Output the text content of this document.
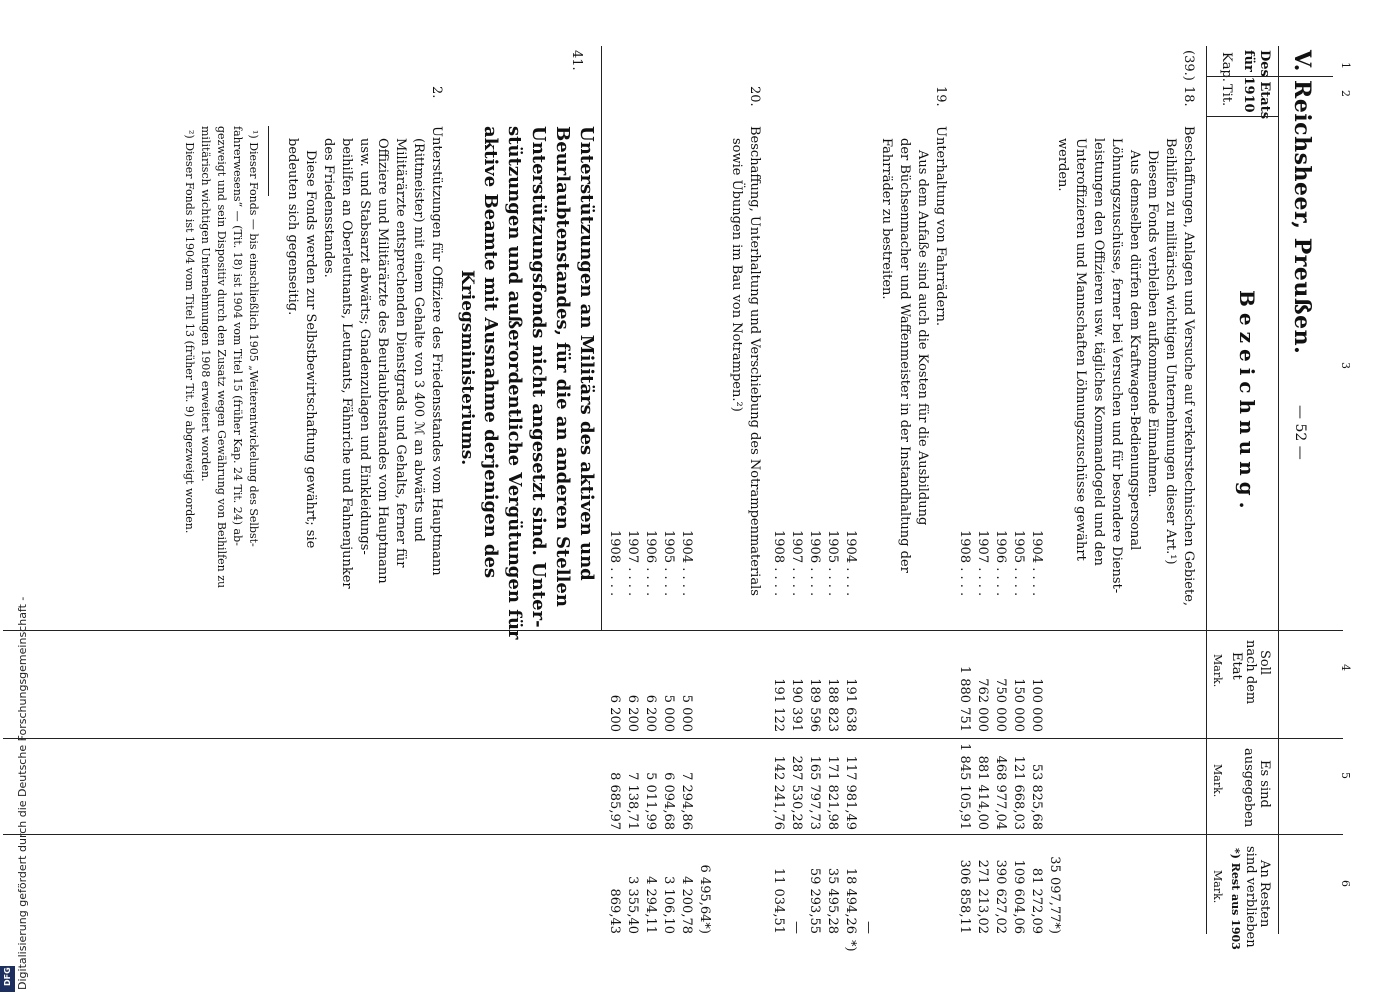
Digitalisierung gefördert durch die Deutsche Forschungsgemeinschaft -
DFG
1
2
3
4
5
6
V. Reichsheer, Preußen.
— 52 —
Des Etats
für 1910
Kap.
Tit.
Bezeichnung.
Soll
nach dem
Etat
Mark.
Es sind
ausgegeben
Mark.
An Resten
sind verblieben
*) Rest aus 1903
Mark.
(39.)
18.
Beschaffungen, Anlagen und Versuche auf verkehrstechnischen Gebiete,
Beihilfen zu militärisch wichtigen Unternehmungen dieser Art.¹)
Diesem Fonds verbleiben aufkommende Einnahmen.
Aus demselben dürfen dem Kraftwagen-Bedienungspersonal
Löhnungszuschüsse, ferner bei Versuchen und für besondere Dienst-
leistungen den Offizieren usw. tägliches Kommandogeld und den
Unteroffizieren und Mannschaften Löhnungszuschüsse gewährt
werden.
1904 . . . .
1905 . . . .
1906 . . . .
1907 . . . .
1908 . . . .
100 000
150 000
750 000
762 000
1 880 751
53 825,68
121 668,03
468 977,04
881 414,00
1 845 105,91
35 097,77*)
81 272,09
109 604,06
390 627,02
271 213,02
306 858,11
19.
Unterhaltung von Fahrrädern.
Aus dem Anfaße sind auch die Kosten für die Ausbildung
der Büchsenmacher und Waffenmeister in der Instandhaltung der
Fahrräder zu bestreiten.
1904 . . . .
1905 . . . .
1906 . . . .
1907 . . . .
1908 . . . .
191 638
188 823
189 596
190 391
191 122
117 981,49
171 821,98
165 797,73
287 530,28
142 241,76
—
*)
18 494,26
35 495,28
59 293,55
—
11 034,51
20.
Beschaffung, Unterhaltung und Verschiebung des Notrampenmaterials
sowie Übungen im Bau von Notrampen.²)
1904 . . . .
1905 . . . .
1906 . . . .
1907 . . . .
1908 . . . .
5 000
5 000
6 200
6 200
6 200
7 294,86
6 094,68
5 011,99
7 138,71
8 685,97
6 495,64*)
4 200,78
3 106,10
4 294,11
3 355,40
869,43
41.
Unterstützungen an Militärs des aktiven und
Beurlaubtenstandes, für die an anderen Stellen
Unterstützungsfonds nicht angesetzt sind. Unter-
stützungen und außerordentliche Vergütungen für
aktive Beamte mit Ausnahme derjenigen des
Kriegsministeriums.
2.
Unterstützungen für Offiziere des Friedensstandes vom Hauptmann
(Rittmeister) mit einem Gehalte von 3 400 ℳ an abwärts und
Militärärzte entsprechenden Dienstgrads und Gehalts, ferner für
Offiziere und Militärärzte des Beurlaubtenstandes vom Hauptmann
usw. und Stabsarzt abwärts; Gnadenzulagen und Einkleidungs-
beihilfen an Oberleutnants, Leutnants, Fähnriche und Fahnenjunker
des Friedensstandes.
Diese Fonds werden zur Selbstbewirtschaftung gewährt; sie
bedeuten sich gegenseitig.
¹) Dieser Fonds — bis einschließlich 1905 „Weiterentwickelung des Selbst-
fahrerwesens“ — (Tit. 18) ist 1904 vom Titel 15 (früher Kap. 24 Tit. 24) ab-
gezweigt und sein Dispositiv durch den Zusatz wegen Gewährung von Beihilfen zu
militärisch wichtigen Unternehmungen 1908 erweitert worden.
²) Dieser Fonds ist 1904 vom Titel 13 (früher Tit. 9) abgezweigt worden.
